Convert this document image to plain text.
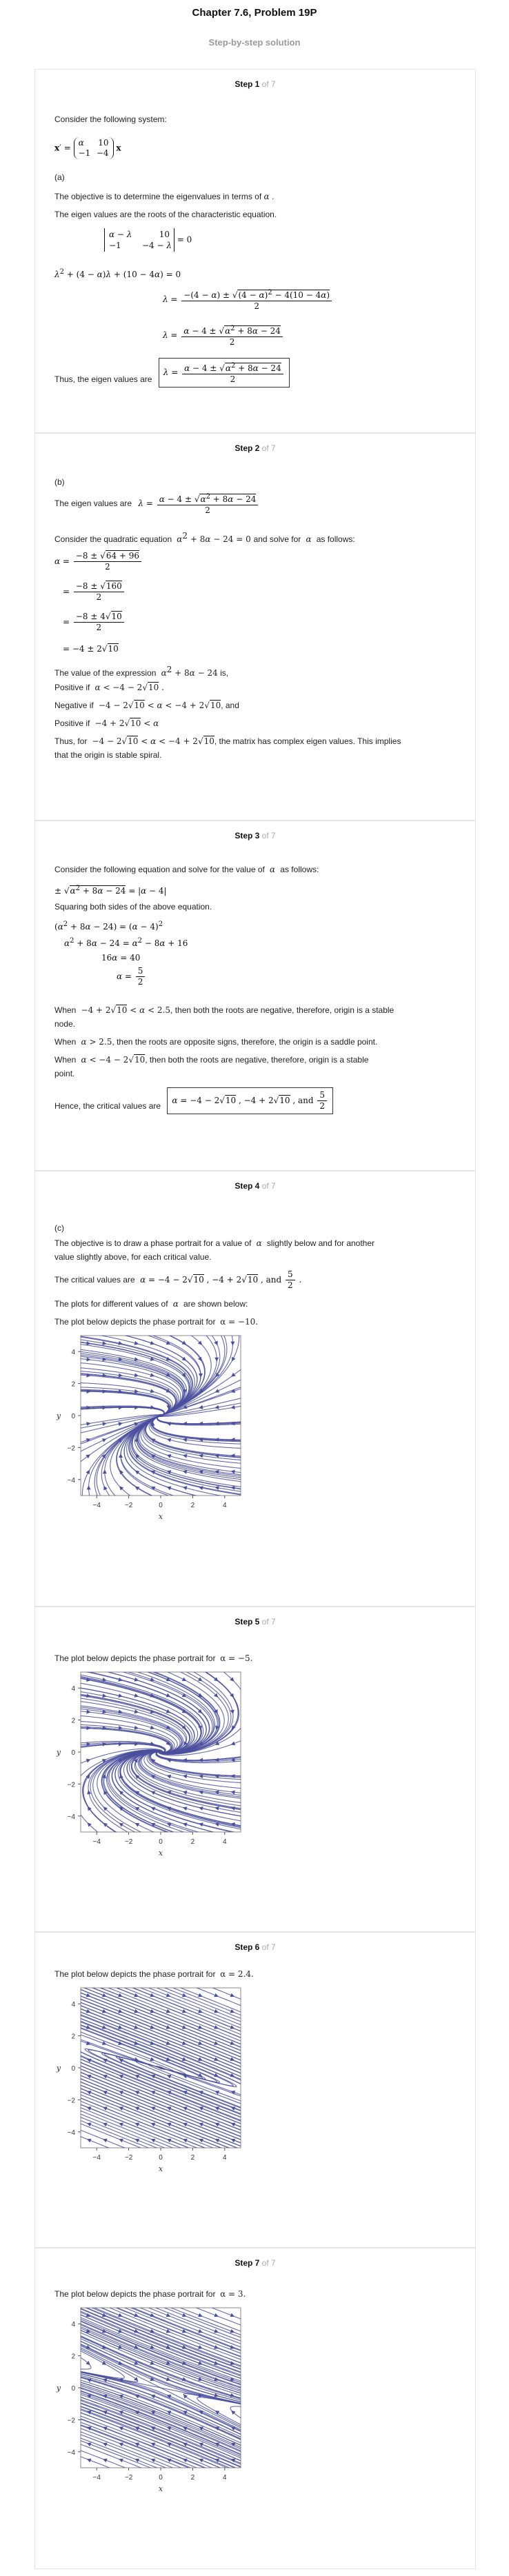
Chapter 7.6, Problem 19P
Step-by-step solution
Step 1 of 7
Consider the following system:
x′ = α 10
−1 −4 x
(a)
The objective is to determine the eigenvalues in terms of α .
The eigen values are the roots of the characteristic equation.
α − λ	10
−1	−4 − λ = 0
$\lambda^2 + (4 - \alpha)\lambda + (10 - 4\alpha) = 0$
$\lambda = \frac{-(4 - \alpha) \pm √(4 - \alpha)^2 - 4(10 - 4\alpha)}{2}$
$\lambda = \frac{\alpha - 4 \pm √\alpha^2 + 8\alpha - 24}{2}$
Thus, the eigen values are $\lambda = \frac{\alpha - 4 \pm √\alpha^2 + 8\alpha - 24}{2}$
Step 2 of 7
(b)
The eigen values are $\lambda = \frac{\alpha - 4 \pm √\alpha^2 + 8\alpha - 24}{2}$
Consider the quadratic equation  $\alpha^2 + 8\alpha - 24 = 0$ and solve for  α  as follows:
$\alpha = \frac{-8 \pm √64 + 96}{2}$
= $\frac{-8 \pm √160}{2}$
= $\frac{-8 \pm 4√10}{2}$
= −4 ± 2√10
The value of the expression  $\alpha^2 + 8\alpha - 24$ is,
Positive if  α < −4 − 2√10 .
Negative if  −4 − 2√10 < α < −4 + 2√10, and
Positive if  −4 + 2√10 < α
Thus, for  −4 − 2√10 < α < −4 + 2√10, the matrix has complex eigen values. This implies
that the origin is stable spiral.
Step 3 of 7
Consider the following equation and solve for the value of  α  as follows:
± $√\alpha^2 + 8\alpha - 24 = |\alpha - 4|$
Squaring both sides of the above equation.
$(\alpha^2 + 8\alpha - 24) = (\alpha - 4)^2$
$\alpha^2 + 8\alpha - 24 = \alpha^2 - 8\alpha + 16$
16α = 40
$\alpha = \frac{5}{2}$
When  −4 + 2√10 < α < 2.5, then both the roots are negative, therefore, origin is a stable
node.
When  α > 2.5, then the roots are opposite signs, therefore, the origin is a saddle point.
When  α < −4 − 2√10, then both the roots are negative, therefore, origin is a stable
point.
Hence, the critical values are α = −4 − 2√10 , −4 + 2√10 , and $\frac{5}{2}$
Step 4 of 7
(c)
The objective is to draw a phase portrait for a value of  α  slightly below and for another
value slightly above, for each critical value.
The critical values are α = −4 − 2√10 , −4 + 2√10 , and $\frac{5}{2}$ .
The plots for different values of  α  are shown below:
The plot below depicts the phase portrait for α = −10.
−4	−2	0	2	4
4
2
0
−2
−4
x
y
Step 5 of 7
The plot below depicts the phase portrait for α = −5.
−4	−2	0	2	4
4
2
0
−2
−4
x
y
Step 6 of 7
The plot below depicts the phase portrait for α = 2.4.
−4	−2	0	2	4
4
2
0
−2
−4
x
y
Step 7 of 7
The plot below depicts the phase portrait for α = 3.
−4	−2	0	2	4
4
2
0
−2
−4
x
y
